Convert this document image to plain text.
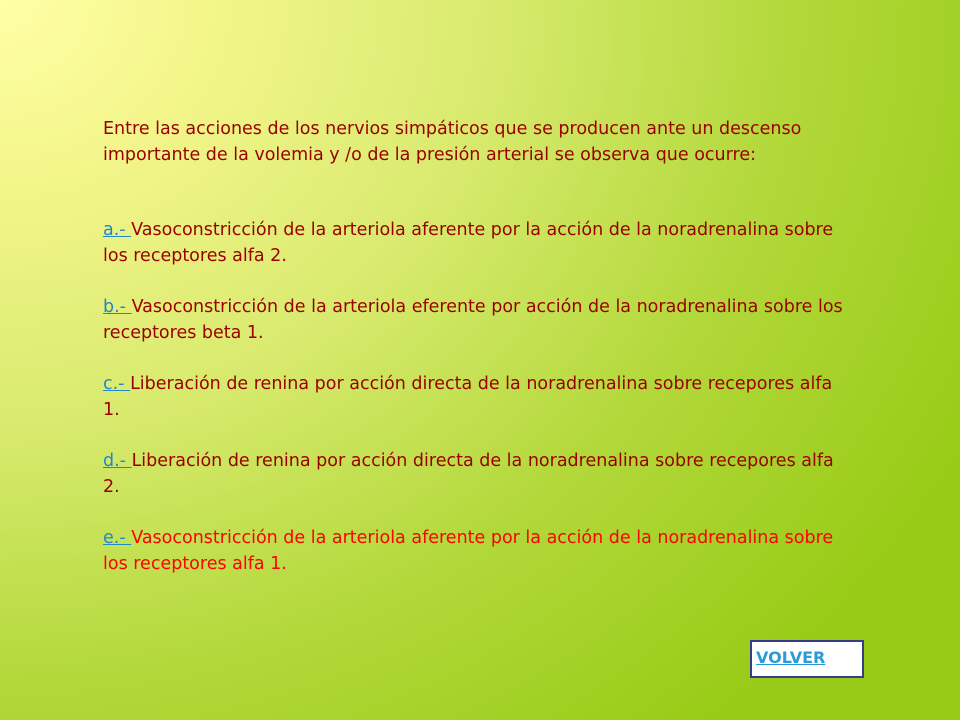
Entre las acciones de los nervios simpáticos que se producen ante un descenso importante de la volemia y /o de la presión arterial se observa que ocurre:

a.- Vasoconstricción de la arteriola aferente por la acción de la noradrenalina sobre los receptores alfa 2.
b.- Vasoconstricción de la arteriola eferente por acción de la noradrenalina sobre los receptores beta 1.
c.- Liberación de renina por acción directa de la noradrenalina sobre recepores alfa 1.
d.- Liberación de renina por acción directa de la noradrenalina sobre recepores alfa 2.
e.- Vasoconstricción de la arteriola aferente por la acción de la noradrenalina sobre los receptores alfa 1.
VOLVER
